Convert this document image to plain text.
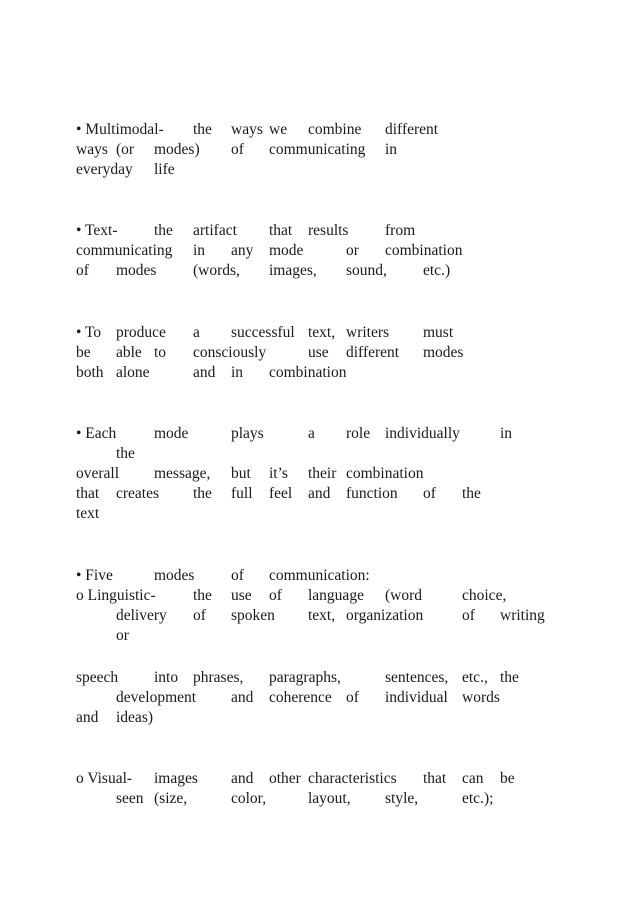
• Multimodal- the ways we combine different
ways (or modes) of communicating in
everyday life
• Text- the artifact that results from
communicating in any mode	or combination
of modes (words, images, sound, etc.)
• To produce a successful text, writers must
be able to consciously	use different modes
both alone	and in combination
• Each mode	plays	a role individually	in
the
overall message, but it’s their combination
that creates the full feel and function of the
text
• Five	modes of communication:
o Linguistic- the use of language (word	choice,
delivery of spoken text, organization	of writing
or
speech into phrases, paragraphs,	sentences, etc., the
development and coherence of individual words
and ideas)
o Visual- images and other characteristics that can be
seen (size,	color,	layout, style,	etc.);
